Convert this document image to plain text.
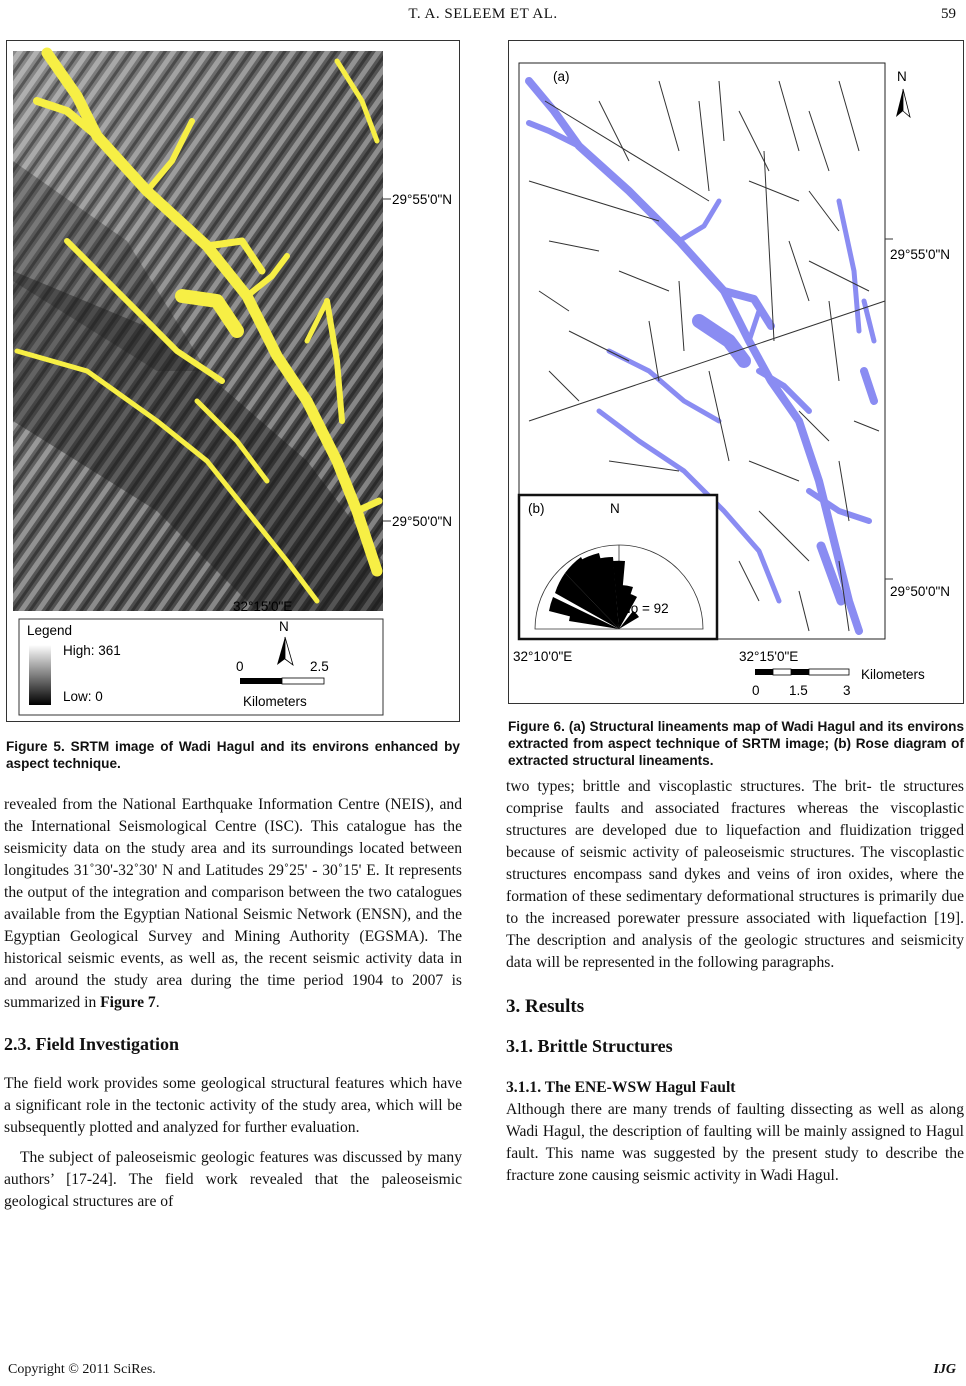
T. A. SELEEM ET AL.	59
29°55'0"N
29°50'0"N
32°15'0"E
Legend
High: 361
Low: 0
N
0	2.5
Kilometers
Figure 5. SRTM image of Wadi Hagul and its environs enhanced by aspect technique.
(a)	N
29°55'0"N
29°50'0"N
32°10'0"E	32°15'0"E
(b)	N
No = 92
Kilometers
0 1.5	3
Figure 6. (a) Structural lineaments map of Wadi Hagul and its environs extracted from aspect technique of SRTM image; (b) Rose diagram of extracted structural lineaments.

revealed from the National Earthquake Information Centre (NEIS), and the International Seismological Centre (ISC). This catalogue has the seismicity data on the study area and its surroundings located between longitudes 31˚30'-32˚30' N and Latitudes 29˚25' - 30˚15' E. It represents the output of the integration and comparison between the two catalogues available from the Egyptian National Seismic Network (ENSN), and the Egyptian Geological Survey and Mining Authority (EGSMA). The historical seismic events, as well as, the recent seismic activity data in and around the study area during the time period 1904 to 2007 is summarized in Figure 7.

2.3. Field Investigation

The field work provides some geological structural features which have a significant role in the tectonic activity of the study area, which will be subsequently plotted and analyzed for further evaluation.

The subject of paleoseismic geologic features was discussed by many authors’ [17-24]. The field work revealed that the paleoseismic geological structures are of

two types; brittle and viscoplastic structures. The brit- tle structures comprise faults and associated fractures whereas the viscoplastic structures are developed due to liquefaction and fluidization trigged because of seismic activity of paleoseismic structures. The viscoplastic structures encompass sand dykes and veins of iron oxides, where the formation of these sedimentary deformational structures is primarily due to the increased porewater pressure associated with liquefaction [19]. The description and analysis of the geologic structures and seismicity data will be represented in the following paragraphs.

3. Results
3.1. Brittle Structures
3.1.1. The ENE-WSW Hagul Fault

Although there are many trends of faulting dissecting as well as along Wadi Hagul, the description of faulting will be mainly assigned to Hagul fault. This name was suggested by the present study to describe the fracture zone causing seismic activity in Wadi Hagul.

Copyright © 2011 SciRes.	IJG
